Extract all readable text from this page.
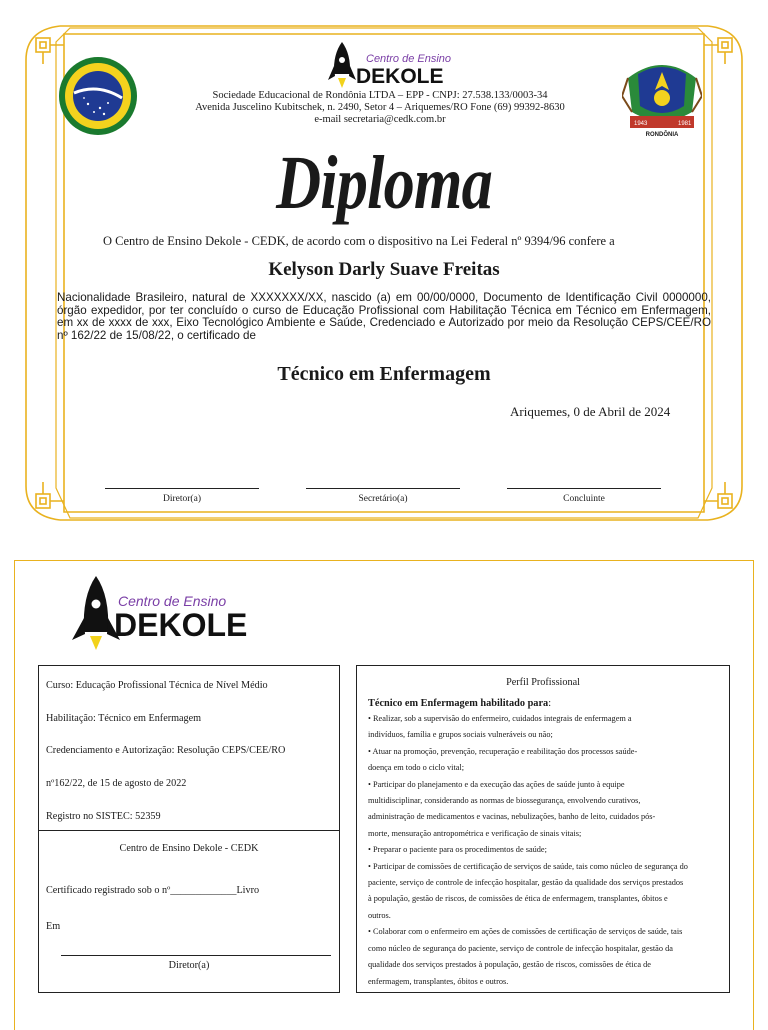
1943	1981
RONDÔNIA
Centro de Ensino
DEKOLE
Sociedade Educacional de Rondônia LTDA – EPP - CNPJ: 27.538.133/0003-34
Avenida Juscelino Kubitschek, n. 2490, Setor 4 – Ariquemes/RO Fone (69) 99392-8630
e-mail secretaria@cedk.com.br
Diploma
O Centro de Ensino Dekole - CEDK, de acordo com o dispositivo na Lei Federal nº 9394/96 confere a
Kelyson Darly Suave Freitas
Nacionalidade Brasileiro, natural de XXXXXXX/XX, nascido (a) em 00/00/0000, Documento de Identificação Civil 0000000, órgão expedidor, por ter concluído o curso de Educação Profissional com Habilitação Técnica em Técnico em Enfermagem, em xx de xxxx de xxx, Eixo Tecnológico Ambiente e Saúde, Credenciado e Autorizado por meio da Resolução CEPS/CEE/RO nº 162/22 de 15/08/22, o certificado de
Técnico em Enfermagem
Ariquemes, 0 de Abril de 2024
Diretor(a)	Secretário(a)	Concluinte
Centro de Ensino
DEKOLE
Curso: Educação Profissional Técnica de Nível Médio
Habilitação: Técnico em Enfermagem
Credenciamento e Autorização: Resolução CEPS/CEE/RO
nº162/22, de 15 de agosto de 2022
Registro no SISTEC: 52359
Centro de Ensino Dekole - CEDK
Certificado registrado sob o nº_____________Livro
Em
Diretor(a)
Perfil Profissional
Técnico em Enfermagem habilitado para:
• Realizar, sob a supervisão do enfermeiro, cuidados integrais de enfermagem a
indivíduos, família e grupos sociais vulneráveis ou não;
• Atuar na promoção, prevenção, recuperação e reabilitação dos processos saúde-
doença em todo o ciclo vital;
• Participar do planejamento e da execução das ações de saúde junto à equipe
multidisciplinar, considerando as normas de biossegurança, envolvendo curativos,
administração de medicamentos e vacinas, nebulizações, banho de leito, cuidados pós-
morte, mensuração antropométrica e verificação de sinais vitais;
• Preparar o paciente para os procedimentos de saúde;
• Participar de comissões de certificação de serviços de saúde, tais como núcleo de segurança do
paciente, serviço de controle de infecção hospitalar, gestão da qualidade dos serviços prestados
à população, gestão de riscos, de comissões de ética de enfermagem, transplantes, óbitos e
outros.
• Colaborar com o enfermeiro em ações de comissões de certificação de serviços de saúde, tais
como núcleo de segurança do paciente, serviço de controle de infecção hospitalar, gestão da
qualidade dos serviços prestados à população, gestão de riscos, comissões de ética de
enfermagem, transplantes, óbitos e outros.
